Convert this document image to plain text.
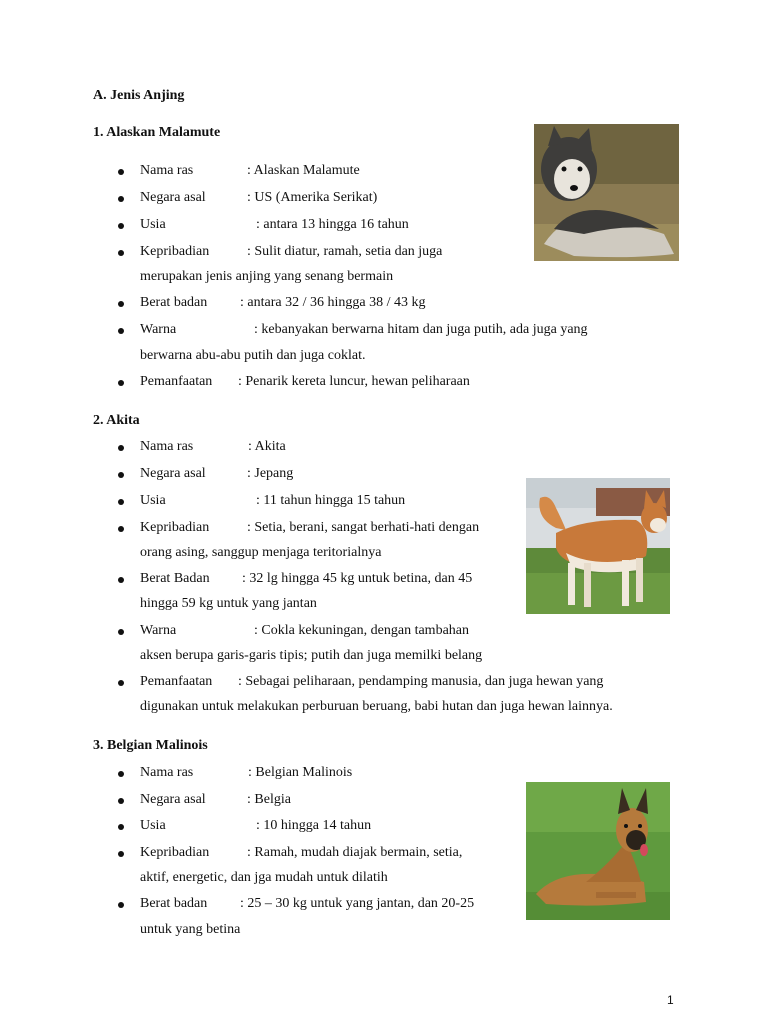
A. Jenis Anjing
1. Alaskan Malamute
Nama ras	: Alaskan Malamute
Negara asal	: US (Amerika Serikat)
Usia	: antara 13 hingga 16 tahun
Kepribadian	: Sulit diatur, ramah, setia dan juga
merupakan jenis anjing yang senang bermain
Berat badan : antara 32 / 36 hingga 38 / 43 kg
Warna	: kebanyakan berwarna hitam dan juga putih, ada juga yang
berwarna abu-abu putih dan juga coklat.
Pemanfaatan : Penarik kereta luncur, hewan peliharaan
2. Akita
Nama ras	: Akita
Negara asal	: Jepang
Usia	: 11 tahun hingga 15 tahun
Kepribadian	: Setia, berani, sangat berhati-hati dengan
orang asing, sanggup menjaga teritorialnya
Berat Badan : 32 lg hingga 45 kg untuk betina, dan 45
hingga 59 kg untuk yang jantan
Warna	: Cokla kekuningan, dengan tambahan
aksen berupa garis-garis tipis; putih dan juga memilki belang
Pemanfaatan : Sebagai peliharaan, pendamping manusia, dan juga hewan yang
digunakan untuk melakukan perburuan beruang, babi hutan dan juga hewan lainnya.
3. Belgian Malinois
Nama ras	: Belgian Malinois
Negara asal	: Belgia
Usia	: 10 hingga 14 tahun
Kepribadian	: Ramah, mudah diajak bermain, setia,
aktif, energetic, dan jga mudah untuk dilatih
Berat badan : 25 – 30 kg untuk yang jantan, dan 20-25
untuk yang betina
1
